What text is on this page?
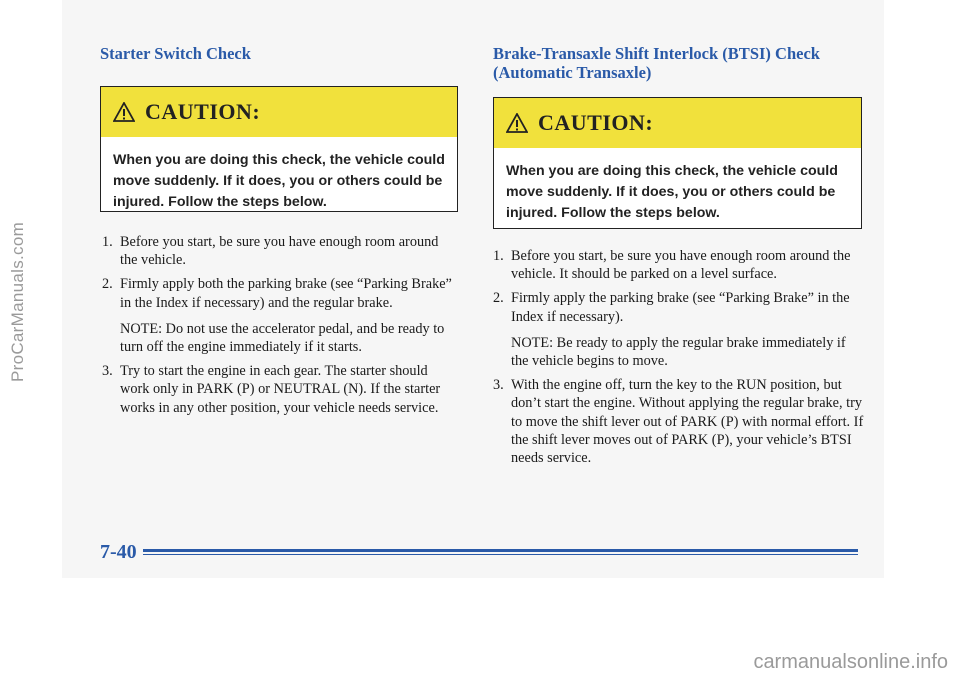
Starter Switch Check
CAUTION:
When you are doing this check, the vehicle could move suddenly. If it does, you or others could be injured. Follow the steps below.
1. Before you start, be sure you have enough room around the vehicle.

2. Firmly apply both the parking brake (see “Parking Brake” in the Index if necessary) and the regular brake.

NOTE: Do not use the accelerator pedal, and be ready to turn off the engine immediately if it starts.

3. Try to start the engine in each gear. The starter should work only in PARK (P) or NEUTRAL (N). If the starter works in any other position, your vehicle needs service.

Brake-Transaxle Shift Interlock (BTSI) Check
(Automatic Transaxle)
CAUTION:
When you are doing this check, the vehicle could move suddenly. If it does, you or others could be injured. Follow the steps below.
1. Before you start, be sure you have enough room around the vehicle. It should be parked on a level surface.

2. Firmly apply the parking brake (see “Parking Brake” in the Index if necessary).

NOTE: Be ready to apply the regular brake immediately if the vehicle begins to move.

3. With the engine off, turn the key to the RUN position, but don’t start the engine. Without applying the regular brake, try to move the shift lever out of PARK (P) with normal effort. If the shift lever moves out of PARK (P), your vehicle’s BTSI needs service.

7-40
ProCarManuals.com
carmanualsonline.info
